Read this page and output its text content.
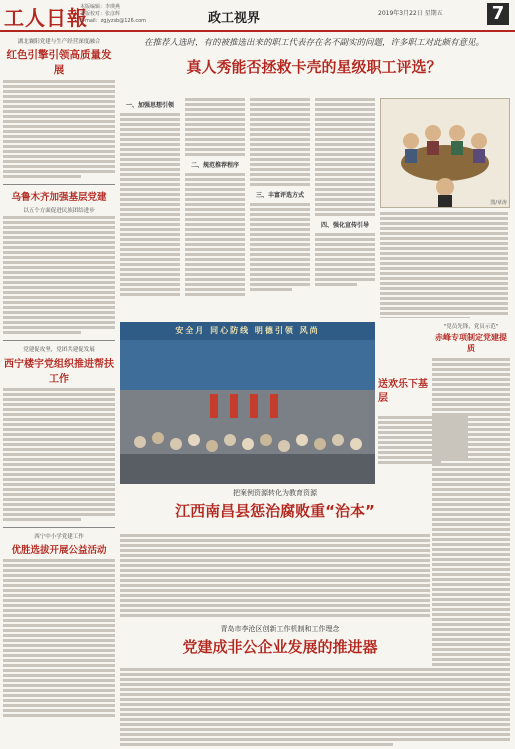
工人日報
本版编辑：李瑛燕
本版校对：张彦辉
E-mail：zgjyzsb@126.com	政工视界	2019年3月22日 星期五	7
湖北襄阳党建与生产经营深度融合
红色引擎引领高质量发展
乌鲁木齐加强基层党建
以五个方面促进民族团结进步
党建促攻坚，党团共建促发展
西宁楼宇党组织推进帮扶工作
西宁中小学党建工作
优胜选拔开展公益活动
在推荐人选时，有的被推选出来的职工代表存在名不副实的问题，许多职工对此颇有意见。
真人秀能否拯救卡壳的星级职工评选？
一、加强思想引领
二、规范推荐程序
三、丰富评选方式
四、强化宣传引导
图/章涛
安全月 同心防线 明德引领 风尚
送欢乐下基层
"党员先锋，党员示范"
赤峰专项制定党建提质
把案例资源转化为教育资源
江西南昌县惩治腐败重“治本”
青岛市李沧区创新工作机制和工作理念
党建成非公企业发展的推进器
